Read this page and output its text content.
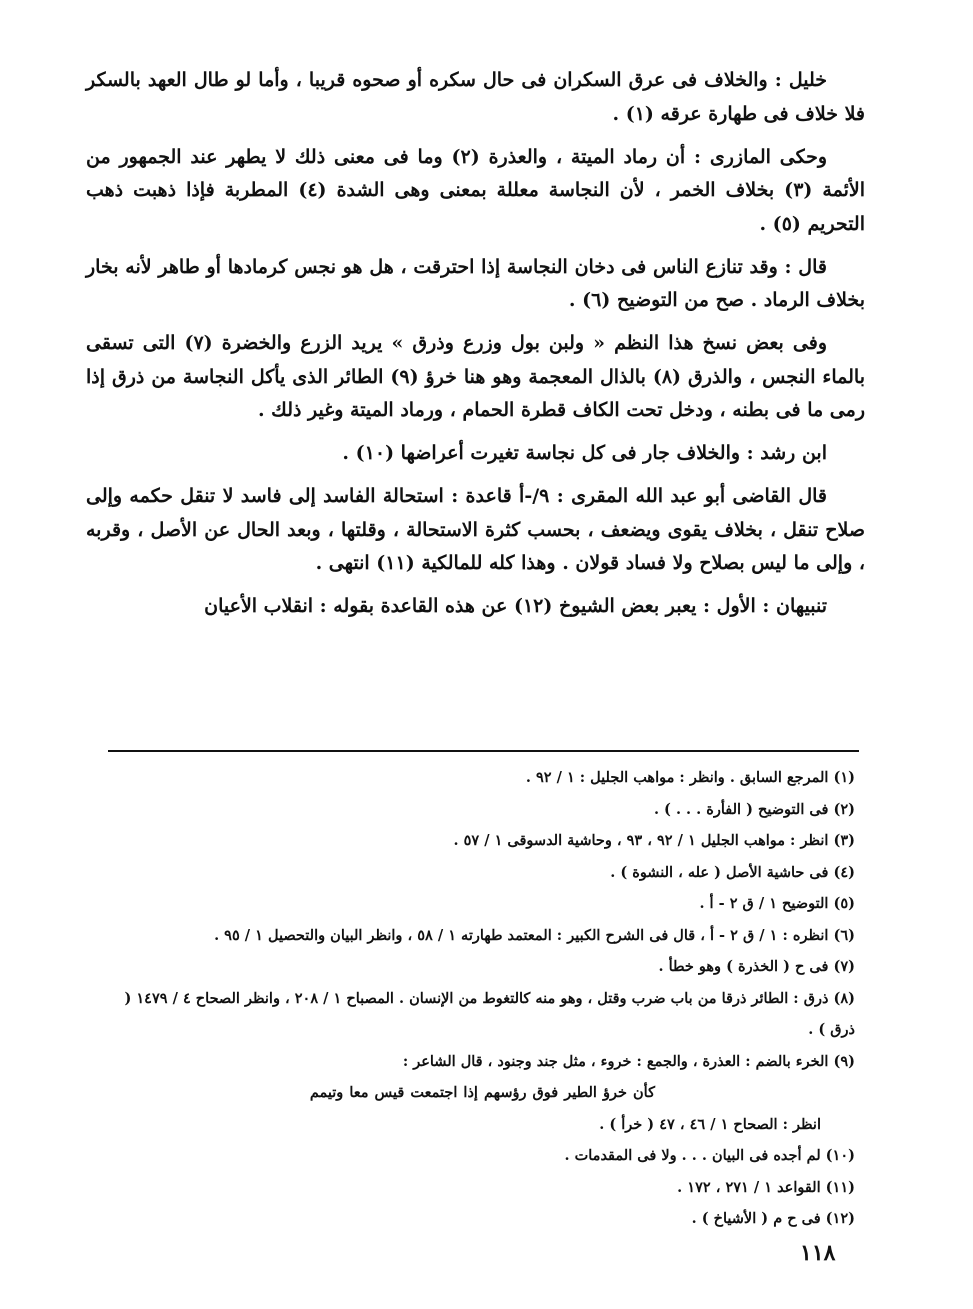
خليل : والخلاف فى عرق السكران فى حال سكره أو صحوه قريبا ، وأما لو طال العهد بالسكر فلا خلاف فى طهارة عرقه (١) .

وحكى المازرى : أن رماد الميتة ، والعذرة (٢) وما فى معنى ذلك لا يطهر عند الجمهور من الأئمة (٣) بخلاف الخمر ، لأن النجاسة معللة بمعنى وهى الشدة (٤) المطربة فإذا ذهبت ذهب التحريم (٥) .

قال : وقد تنازع الناس فى دخان النجاسة إذا احترقت ، هل هو نجس كرمادها أو طاهر لأنه بخار بخلاف الرماد . صح من التوضيح (٦) .

وفى بعض نسخ هذا النظم « ولبن بول وزرع وذرق » يريد الزرع والخضرة (٧) التى تسقى بالماء النجس ، والذرق (٨) بالذال المعجمة وهو هنا خرؤ (٩) الطائر الذى يأكل النجاسة من ذرق إذا رمى ما فى بطنه ، ودخل تحت الكاف قطرة الحمام ، ورماد الميتة وغير ذلك .

ابن رشد : والخلاف جار فى كل نجاسة تغيرت أعراضها (١٠) .

قال القاضى أبو عبد الله المقرى : ٩/-أ قاعدة : استحالة الفاسد إلى فاسد لا تنقل حكمه وإلى صلاح تنقل ، بخلاف يقوى ويضعف ، بحسب كثرة الاستحالة ، وقلتها ، وبعد الحال عن الأصل ، وقربه ، وإلى ما ليس بصلاح ولا فساد قولان . وهذا كله للمالكية (١١) انتهى .

تنبيهان : الأول : يعبر بعض الشيوخ (١٢) عن هذه القاعدة بقوله : انقلاب الأعيان

(١) المرجع السابق . وانظر : مواهب الجليل : ١ / ٩٢ .

(٢) فى التوضيح ( الفأرة . . . ) .

(٣) انظر : مواهب الجليل ١ / ٩٢ ، ٩٣ ، وحاشية الدسوقى ١ / ٥٧ .

(٤) فى حاشية الأصل ( عله ، النشوة ) .

(٥) التوضيح ١ / ق ٢ - أ .

(٦) انظره : ١ / ق ٢ - أ ، قال فى الشرح الكبير : المعتمد طهارته ١ / ٥٨ ، وانظر البيان والتحصيل ١ / ٩٥ .

(٧) فى ح ( الخذرة ) وهو خطأ .

(٨) ذرق : الطائر ذرقا من باب ضرب وقتل ، وهو منه كالتغوط من الإنسان . المصباح ١ / ٢٠٨ ، وانظر الصحاح ٤ / ١٤٧٩ ( ذرق ) .

(٩) الخرء بالضم : العذرة ، والجمع : خروء ، مثل جند وجنود ، قال الشاعر :

كأن خرؤ الطير فوق رؤسهم إذا اجتمعت قيس معا وتيمم

انظر : الصحاح ١ / ٤٦ ، ٤٧ ( خرأ ) .

(١٠) لم أجده فى البيان . . . ولا فى المقدمات .

(١١) القواعد ١ / ٢٧١ ، ١٧٢ .

(١٢) فى ح م ( الأشياخ ) .

١١٨
